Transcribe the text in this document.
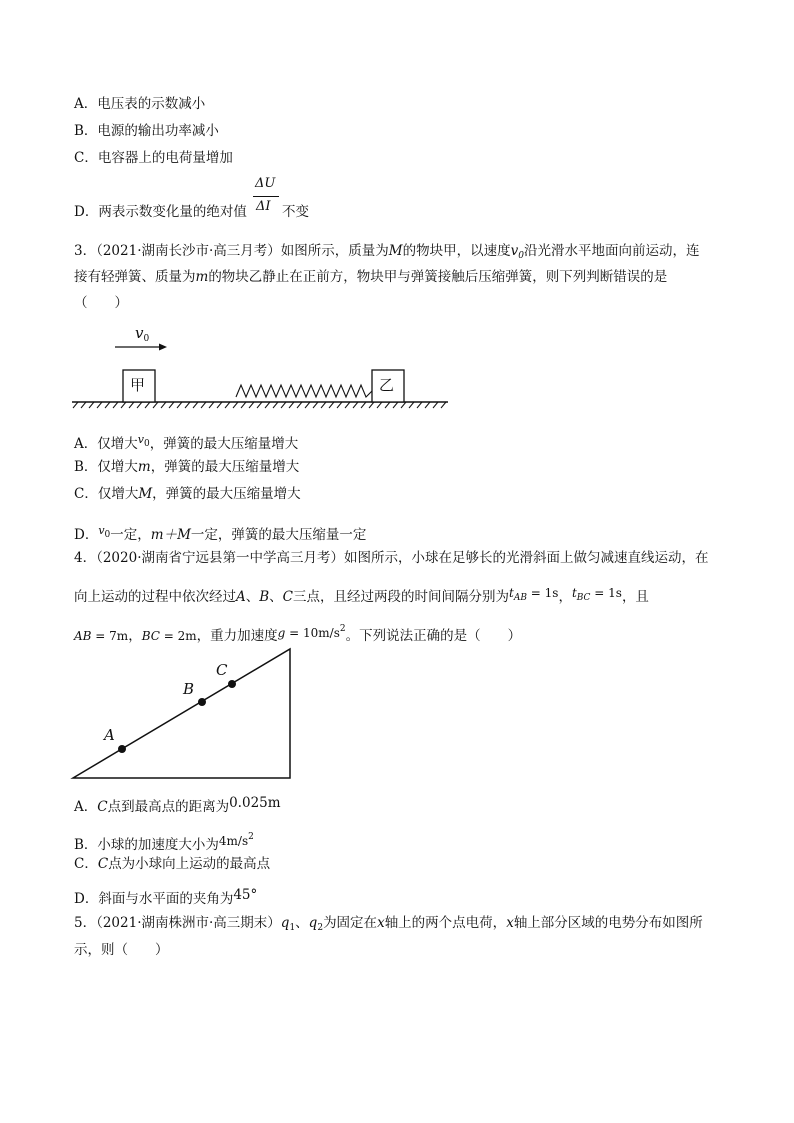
A．电压表的示数减小
B．电源的输出功率减小
C．电容器上的电荷量增加
D．两表示数变化量的绝对值
ΔU
ΔI 不变
3．（2021·湖南长沙市·高三月考）如图所示，质量为M的物块甲，以速度$v_0$沿光滑水平地面向前运动，连
接有轻弹簧、质量为m的物块乙静止在正前方，物块甲与弹簧接触后压缩弹簧，则下列判断错误的是
（　　）
$v_0$
甲	乙
A．仅增大$^{v0}$，弹簧的最大压缩量增大
B．仅增大m，弹簧的最大压缩量增大
C．仅增大M，弹簧的最大压缩量增大
D．$^{v0}$一定，m＋M一定，弹簧的最大压缩量一定
4．（2020·湖南省宁远县第一中学高三月考）如图所示，小球在足够长的光滑斜面上做匀减速直线运动，在
向上运动的过程中依次经过A、B、C三点，且经过两段的时间间隔分别为$t_{AB} = 1s$，$t_{BC} = 1s$，且
AB = 7m，BC = 2m，重力加速度$g = 10m/s^2$。下列说法正确的是（　　）
A
B
C
A．C点到最高点的距离为0.025m
B．小球的加速度大小为$4m/s^2$
C．C点为小球向上运动的最高点
D．斜面与水平面的夹角为45°
5．（2021·湖南株洲市·高三期末）$q_1$、$q_2$为固定在x轴上的两个点电荷，x轴上部分区域的电势分布如图所
示，则（　　）
